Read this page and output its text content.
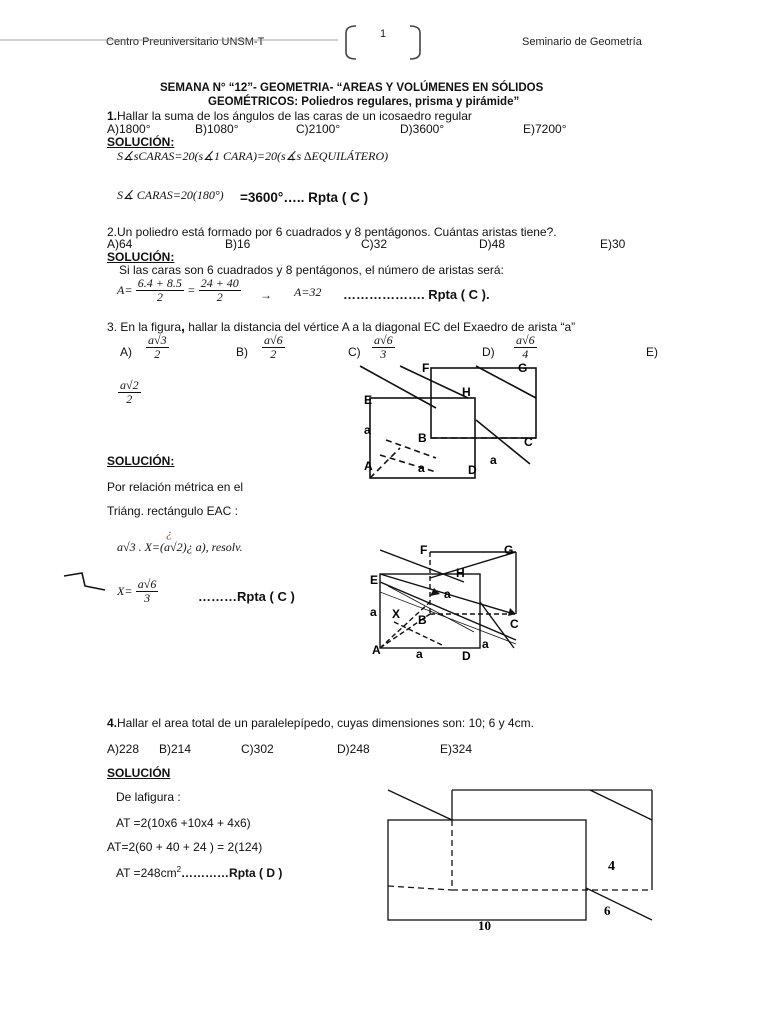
Centro Preuniversitario UNSM-T
1
Seminario de Geometría
SEMANA N° “12”- GEOMETRIA- “AREAS Y VOLÚMENES EN SÓLIDOS
GEOMÉTRICOS: Poliedros regulares, prisma y pirámide”
1.Hallar la suma de los ángulos de las caras de un icosaedro regular
A)1800°	B)1080°	C)2100°	D)3600°	E)7200°
SOLUCIÓN:
S∡sCARAS=20(s∡1 CARA)=20(s∡s ∆EQUILÁTERO)
S∡ CARAS=20(180°) =3600°….. Rpta ( C )
2.Un poliedro está formado por 6 cuadrados y 8 pentágonos. Cuántas aristas tiene?.
A)64	B)16	C)32	D)48	E)30
SOLUCIÓN:
Si las caras son 6 cuadrados y 8 pentágonos, el número de aristas será:
$A= \frac{6.4 + 8.5}{2} = \frac{24 + 40}{2} \to A=32$ ………………. Rpta ( C ).
3. En la figura, hallar la distancia del vértice A a la diagonal EC del Exaedro de arista “a”
$A) \frac{a√3}{2}$	$B) \frac{a√6}{2}$	$C) \frac{a√6}{3}$	$D) \frac{a√6}{4}$	E)
$\frac{a√2}{2}$
F	G
H
E
a
B	C
A	a	D
a
SOLUCIÓN:
Por relación métrica en el
Triáng. rectángulo EAC :
¿
a√3 . X=(a√2)¿ a), resolv.
$X= \frac{a√6}{3}$	………Rpta ( C )
F	G
H
E
a
a X B	C
A	a	D
a
4.Hallar el area total de un paralelepípedo, cuyas dimensiones son: 10; 6 y 4cm.
A)228 B)214	C)302	D)248	E)324
SOLUCIÓN
De lafigura :
AT =2(10x6 +10x4 + 4x6)
AT=2(60 + 40 + 24 ) = 2(124)
AT $=248cm^2\dots\dots\dots\dots Rpta$ ( D )	4
6
10
